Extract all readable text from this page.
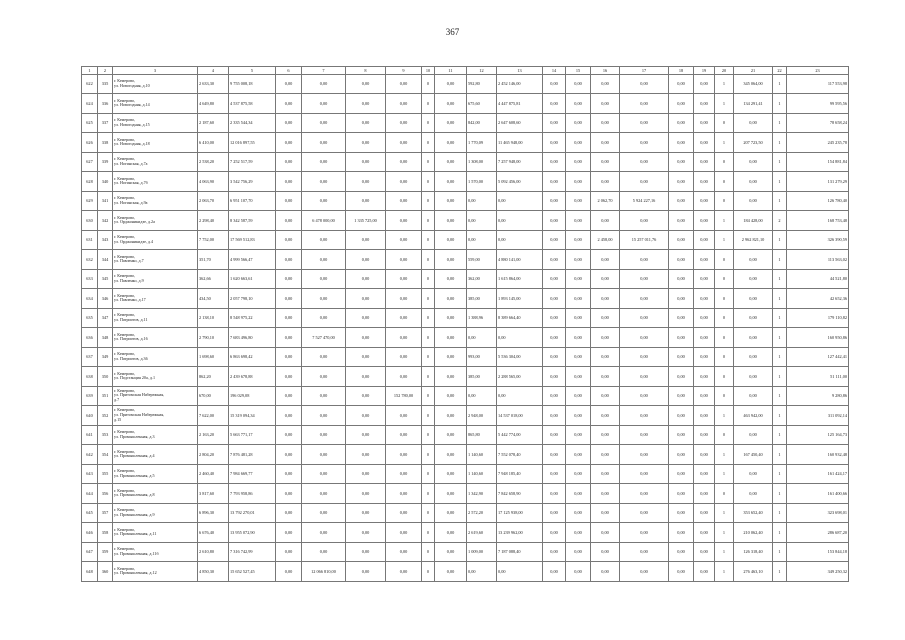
367
1	2	3	4	5	6	7	8	9	10	11	12	13	14	15	16	17	18	19	20	21	22	23
622	335	г. Кемерово,
ул. Новогодняя, д.10	2 633,30	9 755 008,18	0,00	0,00	0,00	0,00	0	0,00	592,80	2 452 146,00	0,00	0,00	0,00	0,00	0,00	0,00	1	345 064,00	1	117 553,98
624	336	г. Кемерово,
ул. Новогодняя, д.14	4 649,80	4 537 875,58	0,00	0,00	0,00	0,00	0	0,00	675,60	4 447 875,81	0,00	0,00	0,00	0,00	0,00	0,00	1	134 291,41	1	99 595,56
625	337	г. Кемерово,
ул. Новогодняя, д.15	2 187,60	2 335 544,34	0,00	0,00	0,00	0,00	0	0,00	842,00	2 647 608,60	0,00	0,00	0,00	0,00	0,00	0,00	0	0,00	1	78 658,24
626	338	г. Кемерово,
ул. Новогодняя, д.18	6 410,00	12 016 897,55	0,00	0,00	0,00	0,00	0	0,00	1 770,09	11 465 948,00	0,00	0,00	0,00	0,00	0,00	0,00	1	207 723,50	1	245 235,78
627	339	г. Кемерово,
ул. Ногинская, д.7а	2 538,20	7 252 517,59	0,00	0,00	0,00	0,00	0	0,00	1 308,00	7 257 948,00	0,00	0,00	0,00	0,00	0,00	0,00	0	0,00	1	154 881,84
628	340	г. Кемерово,
ул. Ногинская, д.7б	4 063,90	3 542 756,29	0,00	0,00	0,00	0,00	0	0,00	1 570,00	5 092 456,00	0,00	0,00	0,00	0,00	0,00	0,00	0	0,00	1	131 279,29
629	341	г. Кемерово,
ул. Ногинская, д.9а	2 063,70	6 951 107,70	0,00	0,00	0,00	0,00	0	0,00	0,00	0,00	0,00	0,00	2 062,70	5 924 227,16	0,00	0,00	0	0,00	1	126 780,40
630	342	г. Кемерово,
ул. Орджоникидзе, д.2а	2 298,40	8 342 587,59	0,00	6 478 000,00	1 335 725,00	0,00	0	0,00	0,00	0,00	0,00	0,00	0,00	0,00	0,00	0,00	1	184 428,00	2	168 753,48
631	343	г. Кемерово,
ул. Орджоникидзе, д.4	7 752,00	17 569 512,83	0,00	0,00	0,00	0,00	0	0,00	0,00	0,00	0,00	0,00	2 458,00	15 257 011,76	0,00	0,00	1	2 962 821,10	1	326 390,59
632	344	г. Кемерово,
ул. Павленко, д.7	351,70	4 999 566,47	0,00	0,00	0,00	0,00	0	0,00	559,00	4 880 141,00	0,00	0,00	0,00	0,00	0,00	0,00	0	0,00	1	113 563,02
633	345	г. Кемерово,
ул. Павленко, д.9	362,66	1 620 663,61	0,00	0,00	0,00	0,00	0	0,00	362,00	1 615 864,00	0,00	0,00	0,00	0,00	0,00	0,00	0	0,00	1	44 521,80
634	346	г. Кемерово,
ул. Павленко, д.17	434,50	2 057 798,10	0,00	0,00	0,00	0,00	0	0,00	385,00	1 893 145,00	0,00	0,00	0,00	0,00	0,00	0,00	0	0,00	1	42 652,36
635	347	г. Кемерово,
ул. Патриотов, д.11	2 138,10	8 548 975,22	0,00	0,00	0,00	0,00	0	0,00	1 388,96	8 389 664,40	0,00	0,00	0,00	0,00	0,00	0,00	0	0,00	1	179 110,82
636	348	г. Кемерово,
ул. Патриотов, д.16	2 790,10	7 683 496,80	0,00	7 527 470,00	0,00	0,00	0	0,00	0,00	0,00	0,00	0,00	0,00	0,00	0,00	0,00	0	0,00	1	160 950,86
637	349	г. Кемерово,
ул. Патриотов, д.36	1 698,60	6 863 698,42	0,00	0,00	0,00	0,00	0	0,00	993,00	5 536 304,00	0,00	0,00	0,00	0,00	0,00	0,00	0	0,00	1	127 442,41
638	350	г. Кемерово,
ул. Подстанция 20а, д.1	862,20	2 439 678,88	0,00	0,00	0,00	0,00	0	0,00	385,00	2 288 565,00	0,00	0,00	0,00	0,00	0,00	0,00	0	0,00	1	51 111,00
639	351	г. Кемерово,
ул. Притомская Набережная,
д.7	670,00	196 029,08	0,00	0,00	0,00	152 780,00	0	0,00	0,00	0,00	0,00	0,00	0,00	0,00	0,00	0,00	0	0,00	1	9 280,86
640	352	г. Кемерово,
ул. Притомская Набережная,
д.15	7 622,00	15 319 094,34	0,00	0,00	0,00	0,00	0	0,00	2 948,00	14 537 018,00	0,00	0,00	0,00	0,00	0,00	0,00	1	463 942,00	1	311 092,14
641	353	г. Кемерово,
ул. Промышленная, д.3	2 163,20	5 663 771,17	0,00	0,00	0,00	0,00	0	0,00	865,80	5 442 774,00	0,00	0,00	0,00	0,00	0,00	0,00	0	0,00	1	125 164,73
642	354	г. Кемерово,
ул. Промышленная, д.4	2 804,20	7 876 481,28	0,00	0,00	0,00	0,00	0	0,00	1 140,60	7 552 078,40	0,00	0,00	0,00	0,00	0,00	0,00	1	167 450,40	1	160 932,48
643	355	г. Кемерово,
ул. Промышленная, д.5	2 460,40	7 984 669,77	0,00	0,00	0,00	0,00	0	0,00	1 140,60	7 948 185,40	0,00	0,00	0,00	0,00	0,00	0,00	1	0,00	1	161 424,17
644	356	г. Кемерово,
ул. Промышленная, д.8	3 817,60	7 793 958,86	0,00	0,00	0,00	0,00	0	0,00	1 342,90	7 842 658,90	0,00	0,00	0,00	0,00	0,00	0,00	0	0,00	1	161 400,66
645	357	г. Кемерово,
ул. Промышленная, д.9	6 896,30	13 792 270,01	0,00	0,00	0,00	0,00	0	0,00	2 572,20	17 125 938,00	0,00	0,00	0,00	0,00	0,00	0,00	1	353 652,40	1	323 698,01
646	358	г. Кемерово,
ул. Промышленная, д.11	6 676,40	13 955 072,90	0,00	0,00	0,00	0,00	0	0,00	2 619,60	13 239 962,00	0,00	0,00	0,00	0,00	0,00	0,00	1	210 062,40	1	286 687,20
647	359	г. Кемерово,
ул. Промышленная, д.11б	2 610,80	7 316 742,99	0,00	0,00	0,00	0,00	0	0,00	1 009,00	7 187 088,40	0,00	0,00	0,00	0,00	0,00	0,00	1	126 318,40	1	153 844,18
648	360	г. Кемерово,
ул. Промышленная, д.12	4 850,30	15 652 527,45	0,00	12 066 810,00	0,00	0,00	0	0,00	0,00	0,00	0,00	0,00	0,00	0,00	0,00	0,00	1	276 463,10	1	349 250,32
